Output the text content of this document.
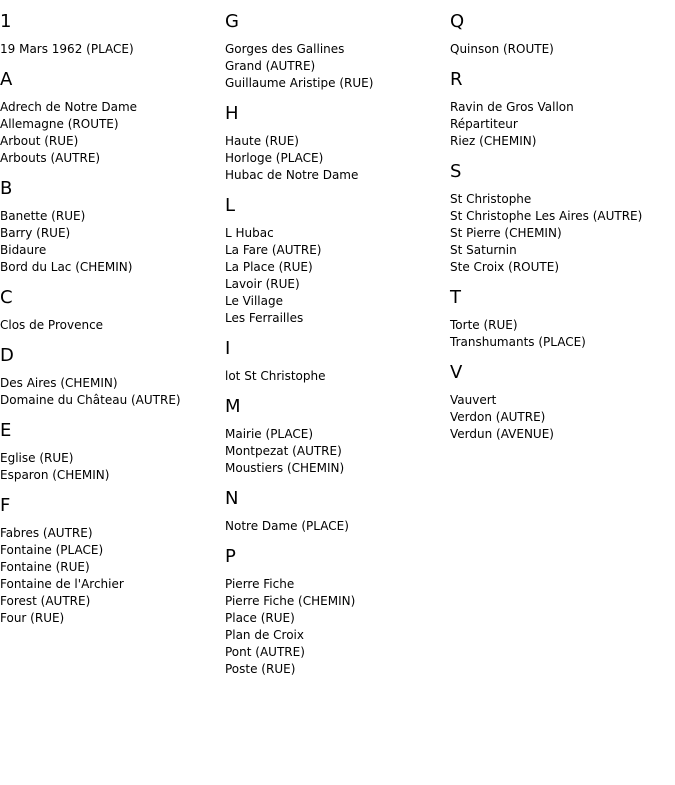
1
19 Mars 1962 (PLACE)
A
Adrech de Notre Dame
Allemagne (ROUTE)
Arbout (RUE)
Arbouts (AUTRE)
B
Banette (RUE)
Barry (RUE)
Bidaure
Bord du Lac (CHEMIN)
C
Clos de Provence
D
Des Aires (CHEMIN)
Domaine du Château (AUTRE)
E
Eglise (RUE)
Esparon (CHEMIN)
F
Fabres (AUTRE)
Fontaine (PLACE)
Fontaine (RUE)
Fontaine de l'Archier
Forest (AUTRE)
Four (RUE)
G
Gorges des Gallines
Grand (AUTRE)
Guillaume Aristipe (RUE)
H
Haute (RUE)
Horloge (PLACE)
Hubac de Notre Dame
L
L Hubac
La Fare (AUTRE)
La Place (RUE)
Lavoir (RUE)
Le Village
Les Ferrailles
I
lot St Christophe
M
Mairie (PLACE)
Montpezat (AUTRE)
Moustiers (CHEMIN)
N
Notre Dame (PLACE)
P
Pierre Fiche
Pierre Fiche (CHEMIN)
Place (RUE)
Plan de Croix
Pont (AUTRE)
Poste (RUE)
Q
Quinson (ROUTE)
R
Ravin de Gros Vallon
Répartiteur
Riez (CHEMIN)
S
St Christophe
St Christophe Les Aires (AUTRE)
St Pierre (CHEMIN)
St Saturnin
Ste Croix (ROUTE)
T
Torte (RUE)
Transhumants (PLACE)
V
Vauvert
Verdon (AUTRE)
Verdun (AVENUE)
